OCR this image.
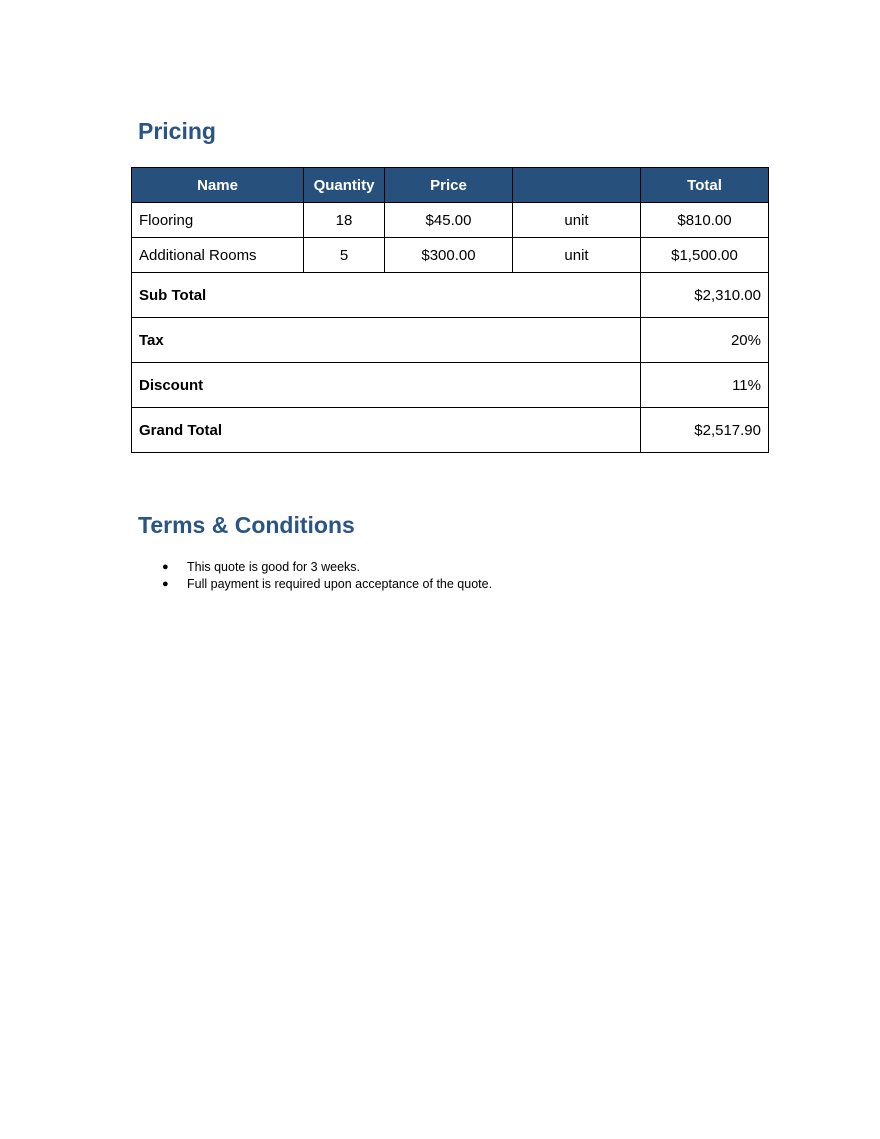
Pricing
Name	Quantity	Price		Total
Flooring	18	$45.00	unit	$810.00
Additional Rooms	5	$300.00	unit	$1,500.00
Sub Total				$2,310.00
Tax				20%
Discount				11%
Grand Total				$2,517.90
Terms & Conditions
● This quote is good for 3 weeks.
● Full payment is required upon acceptance of the quote.
